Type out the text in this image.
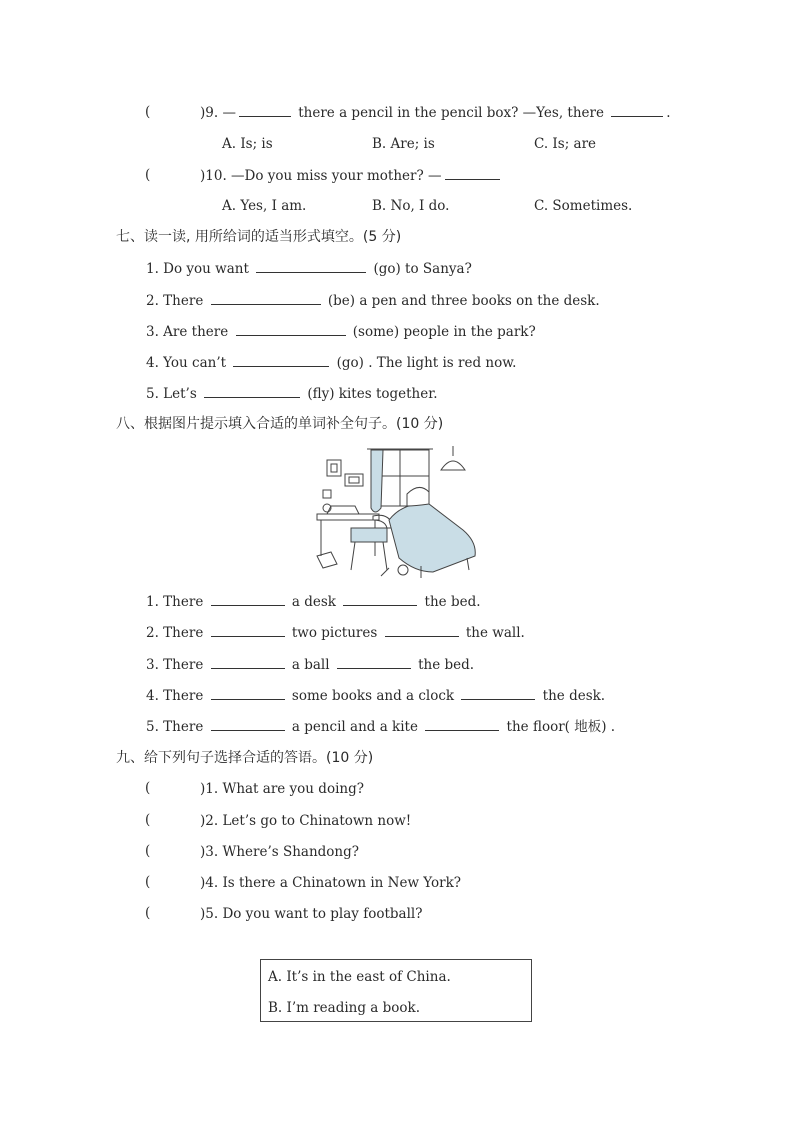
(	)9. —	there a pencil in the pencil box? —Yes, there	.
A. Is; is	B. Are; is	C. Is; are
(	)10. —Do you miss your mother? —
A. Yes, I am.	B. No, I do.	C. Sometimes.
七、读一读, 用所给词的适当形式填空。(5 分)
1. Do you want	(go) to Sanya?
2. There	(be) a pen and three books on the desk.
3. Are there	(some) people in the park?
4. You can’t	(go) . The light is red now.
5. Let’s	(fly) kites together.
八、根据图片提示填入合适的单词补全句子。(10 分)
1. There	a desk	the bed.
2. There	two pictures	the wall.
3. There	a ball	the bed.
4. There	some books and a clock	the desk.
5. There	a pencil and a kite	the floor( 地板) .
九、给下列句子选择合适的答语。(10 分)
(	)1. What are you doing?
(	)2. Let’s go to Chinatown now!
(	)3. Where’s Shandong?
(	)4. Is there a Chinatown in New York?
(	)5. Do you want to play football?
A. It’s in the east of China.
B. I’m reading a book.
